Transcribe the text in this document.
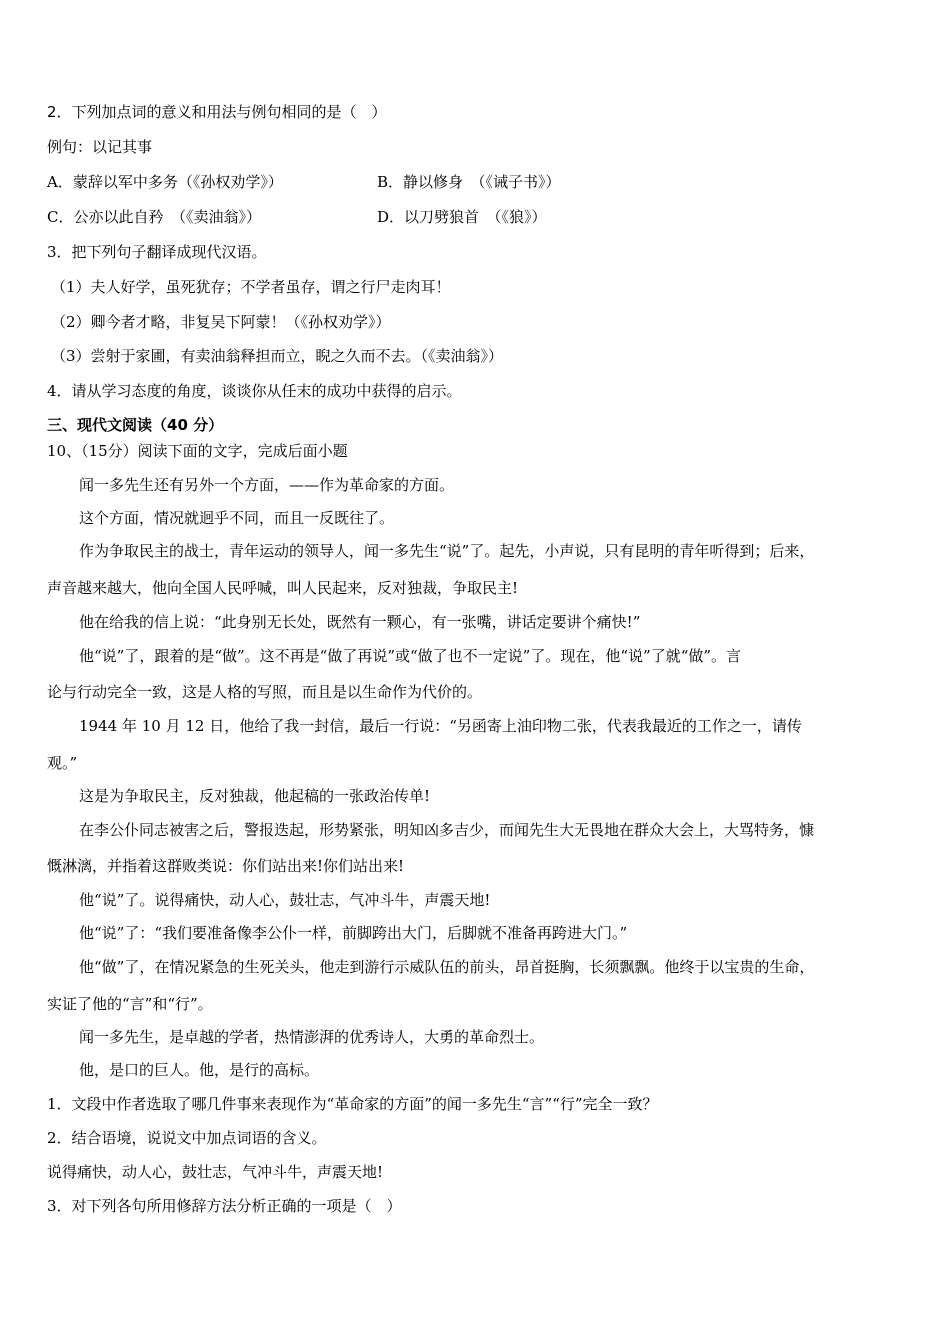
2．下列加点词的意义和用法与例句相同的是（　）
例句：以记其事
A．蒙辞以军中多务（《孙权劝学》）	B．静以修身　（《诫子书》）
C．公亦以此自矜　（《卖油翁》）	D．以刀劈狼首　（《狼》）
3．把下列句子翻译成现代汉语。
（1）夫人好学，虽死犹存；不学者虽存，谓之行尸走肉耳！
（2）卿今者才略，非复吴下阿蒙！（《孙权劝学》）
（3）尝射于家圃，有卖油翁释担而立，睨之久而不去。（《卖油翁》）
4．请从学习态度的角度，谈谈你从任末的成功中获得的启示。
三、现代文阅读（40 分）
10、（15分）阅读下面的文字，完成后面小题
闻一多先生还有另外一个方面，——作为革命家的方面。
这个方面，情况就迥乎不同，而且一反既往了。
作为争取民主的战士，青年运动的领导人，闻一多先生“说”了。起先，小声说，只有昆明的青年听得到；后来，
声音越来越大，他向全国人民呼喊，叫人民起来，反对独裁，争取民主!
他在给我的信上说：“此身别无长处，既然有一颗心，有一张嘴，讲话定要讲个痛快!”
他“说”了，跟着的是“做”。这不再是“做了再说”或“做了也不一定说”了。现在，他“说”了就“做”。言
论与行动完全一致，这是人格的写照，而且是以生命作为代价的。
1944 年 10 月 12 日，他给了我一封信，最后一行说：“另函寄上油印物二张，代表我最近的工作之一，请传
观。”
这是为争取民主，反对独裁，他起稿的一张政治传单!
在李公仆同志被害之后，警报迭起，形势紧张，明知凶多吉少，而闻先生大无畏地在群众大会上，大骂特务，慷
慨淋漓，并指着这群败类说：你们站出来!你们站出来!
他“说”了。说得痛快，动人心，鼓壮志，气冲斗牛，声震天地!
他“说”了：“我们要准备像李公仆一样，前脚跨出大门，后脚就不准备再跨进大门。”
他“做”了，在情况紧急的生死关头，他走到游行示威队伍的前头，昂首挺胸，长须飘飘。他终于以宝贵的生命，
实证了他的“言”和“行”。
闻一多先生，是卓越的学者，热情澎湃的优秀诗人，大勇的革命烈士。
他，是口的巨人。他，是行的高标。
1．文段中作者选取了哪几件事来表现作为“革命家的方面”的闻一多先生“言”“行”完全一致？
2．结合语境，说说文中加点词语的含义。
说得痛快，动人心，鼓壮志，气冲斗牛，声震天地!
3．对下列各句所用修辞方法分析正确的一项是（　）
